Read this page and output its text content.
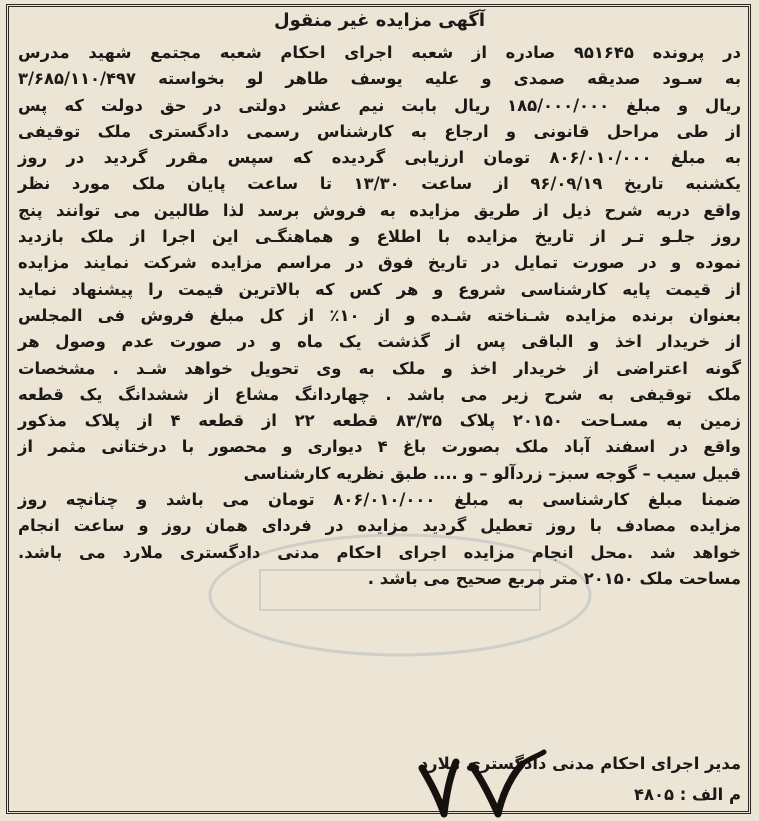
آگهی مزایده غیر منقول
در پرونده ۹۵۱۶۴۵ صادره از شعبه اجرای احکام شعبه مجتمع شهید مدرس
به سـود صدیقه صمدی و علیه یوسف طاهر لو بخواسته ۳/۶۸۵/۱۱۰/۴۹۷
ریال و مبلغ ۱۸۵/۰۰۰/۰۰۰ ریال بابت نیم عشر دولتی در حق دولت که پس
از طی مراحل قانونی و ارجاع به کارشناس رسمی دادگستری ملک توقیفی
به مبلغ ۸۰۶/۰۱۰/۰۰۰ تومان ارزیابی گردیده که سپس مقرر گردید در روز
یکشنبه تاریخ ۹۶/۰۹/۱۹ از ساعت ۱۳/۳۰ تا ساعت پایان ملک مورد نظر
واقع دربه شرح ذیل از طریق مزایده به فروش برسد لذا طالبین می توانند پنج
روز جلـو تـر از تاریخ مزایده با اطلاع و هماهنگـی این اجرا از ملک بازدید
نموده و در صورت تمایل در تاریخ فوق در مراسم مزایده شرکت نمایند مزایده
از قیمت پایه کارشناسی شروع و هر کس که بالاترین قیمت را پیشنهاد نماید
بعنوان برنده مزایده شـناخته شـده و از ۱۰٪ از کل مبلغ فروش فی المجلس
از خریدار اخذ و الباقی پس از گذشت یک ماه و در صورت عدم وصول هر
گونه اعتراضی از خریدار اخذ و ملک به وی تحویل خواهد شـد . مشخصات
ملک توقیفی به شرح زیر می باشد . چهاردانگ مشاع از ششدانگ یک قطعه
زمین به مسـاحت ۲۰۱۵۰ پلاک ۸۳/۳۵ قطعه ۲۲ از قطعه ۴ از پلاک مذکور
واقع در اسفند آباد ملک بصورت باغ ۴ دیواری و محصور با درختانی مثمر از
قبیل سیب – گوجه سبز– زردآلو – و .... طبق نظریه کارشناسی
ضمنا مبلغ کارشناسی به مبلغ ۸۰۶/۰۱۰/۰۰۰ تومان می باشد و چنانچه روز
مزایده مصادف با روز تعطیل گردید مزایده در فردای همان روز و ساعت انجام
خواهد شد .محل انجام مزایده اجرای احکام مدنی دادگستری ملارد می باشد.
مساحت ملک ۲۰۱۵۰ متر مربع صحیح می باشد .
مدیر اجرای احکام مدنی دادگستری ملارد
م الف : ۴۸۰۵
